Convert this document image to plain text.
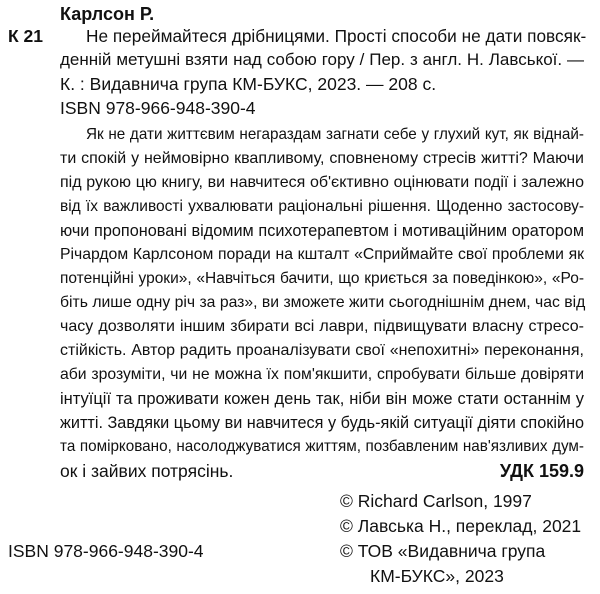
Карлсон Р.
К 21 Не переймайтеся дрібницями. Прості способи не дати повсяк-
денній метушні взяти над собою гору / Пер. з англ. Н. Лавської. —
К. : Видавнича група КМ-БУКС, 2023. — 208 с.
ISBN 978-966-948-390-4
Як не дати життєвим негараздам загнати себе у глухий кут, як віднай-
ти спокій у неймовірно квапливому, сповненому стресів житті? Маючи
під рукою цю книгу, ви навчитеся об'єктивно оцінювати події і залежно
від їх важливості ухвалювати раціональні рішення. Щоденно застосову-
ючи пропоновані відомим психотерапевтом і мотиваційним оратором
Річардом Карлсоном поради на кшталт «Сприймайте свої проблеми як
потенційні уроки», «Навчіться бачити, що криється за поведінкою», «Ро-
біть лише одну річ за раз», ви зможете жити сьогоднішнім днем, час від
часу дозволяти іншим збирати всі лаври, підвищувати власну стресо-
стійкість. Автор радить проаналізувати свої «непохитні» переконання,
аби зрозуміти, чи не можна їх пом'якшити, спробувати більше довіряти
інтуїції та проживати кожен день так, ніби він може стати останнім у
житті. Завдяки цьому ви навчитеся у будь-якій ситуації діяти спокійно
та помірковано, насолоджуватися життям, позбавленим нав'язливих дум-
ок і зайвих потрясінь.	УДК 159.9
© Richard Carlson, 1997
© Лавська Н., переклад, 2021
© ТОВ «Видавнича група
КМ-БУКС», 2023
ISBN 978-966-948-390-4
